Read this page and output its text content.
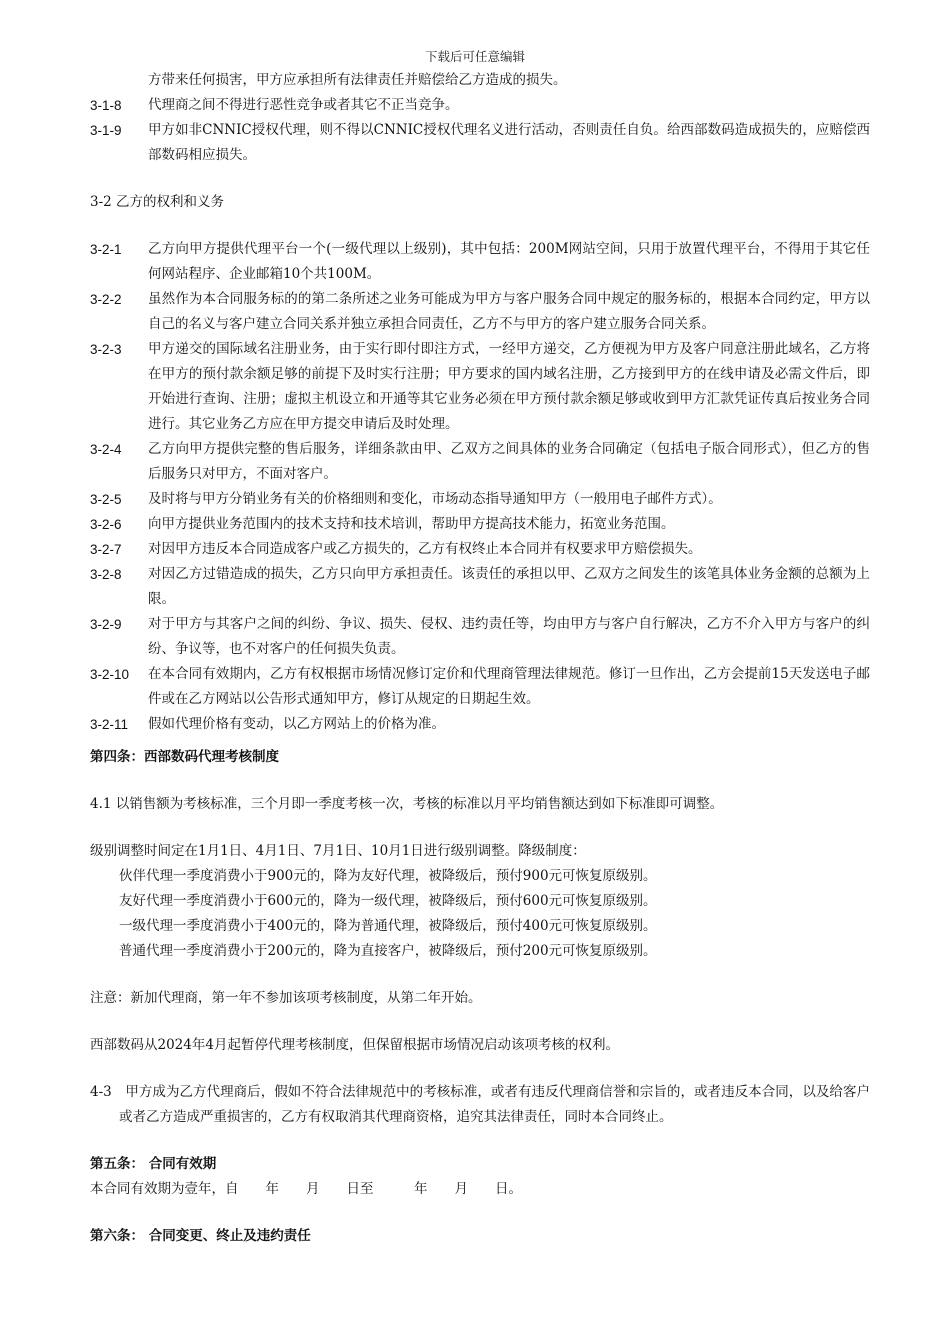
下载后可任意编辑
方带来任何损害，甲方应承担所有法律责任并赔偿给乙方造成的损失。
3-1-8	代理商之间不得进行恶性竞争或者其它不正当竞争。
3-1-9	甲方如非CNNIC授权代理，则不得以CNNIC授权代理名义进行活动，否则责任自负。给西部数码造成损失的，应赔偿西部数码相应损失。
3-2 乙方的权利和义务
3-2-1	乙方向甲方提供代理平台一个(一级代理以上级别)，其中包括：200M网站空间，只用于放置代理平台，不得用于其它任何网站程序、企业邮箱10个共100M。
3-2-2	虽然作为本合同服务标的的第二条所述之业务可能成为甲方与客户服务合同中规定的服务标的，根据本合同约定，甲方以自己的名义与客户建立合同关系并独立承担合同责任，乙方不与甲方的客户建立服务合同关系。
3-2-3	甲方递交的国际域名注册业务，由于实行即付即注方式，一经甲方递交，乙方便视为甲方及客户同意注册此域名，乙方将在甲方的预付款余额足够的前提下及时实行注册；甲方要求的国内域名注册，乙方接到甲方的在线申请及必需文件后，即开始进行查询、注册；虚拟主机设立和开通等其它业务必须在甲方预付款余额足够或收到甲方汇款凭证传真后按业务合同进行。其它业务乙方应在甲方提交申请后及时处理。
3-2-4	乙方向甲方提供完整的售后服务，详细条款由甲、乙双方之间具体的业务合同确定（包括电子版合同形式），但乙方的售后服务只对甲方，不面对客户。
3-2-5	及时将与甲方分销业务有关的价格细则和变化，市场动态指导通知甲方（一般用电子邮件方式）。
3-2-6	向甲方提供业务范围内的技术支持和技术培训，帮助甲方提高技术能力，拓宽业务范围。
3-2-7	对因甲方违反本合同造成客户或乙方损失的，乙方有权终止本合同并有权要求甲方赔偿损失。
3-2-8	对因乙方过错造成的损失，乙方只向甲方承担责任。该责任的承担以甲、乙双方之间发生的该笔具体业务金额的总额为上限。
3-2-9	对于甲方与其客户之间的纠纷、争议、损失、侵权、违约责任等，均由甲方与客户自行解决，乙方不介入甲方与客户的纠纷、争议等，也不对客户的任何损失负责。
3-2-10	在本合同有效期内，乙方有权根据市场情况修订定价和代理商管理法律规范。修订一旦作出，乙方会提前15天发送电子邮件或在乙方网站以公告形式通知甲方，修订从规定的日期起生效。
3-2-11	假如代理价格有变动，以乙方网站上的价格为准。
第四条：西部数码代理考核制度
4.1 以销售额为考核标准，三个月即一季度考核一次，考核的标准以月平均销售额达到如下标准即可调整。
级别调整时间定在1月1日、4月1日、7月1日、10月1日进行级别调整。降级制度：
伙伴代理一季度消费小于900元的，降为友好代理，被降级后，预付900元可恢复原级别。
友好代理一季度消费小于600元的，降为一级代理，被降级后，预付600元可恢复原级别。
一级代理一季度消费小于400元的，降为普通代理，被降级后，预付400元可恢复原级别。
普通代理一季度消费小于200元的，降为直接客户，被降级后，预付200元可恢复原级别。
注意：新加代理商，第一年不参加该项考核制度，从第二年开始。
西部数码从2024年4月起暂停代理考核制度，但保留根据市场情况启动该项考核的权利。
4-3　甲方成为乙方代理商后，假如不符合法律规范中的考核标准，或者有违反代理商信誉和宗旨的，或者违反本合同，以及给客户或者乙方造成严重损害的，乙方有权取消其代理商资格，追究其法律责任，同时本合同终止。
第五条： 合同有效期
本合同有效期为壹年，自　　年　　月　　日至　　　年　　月　　日。
第六条： 合同变更、终止及违约责任
